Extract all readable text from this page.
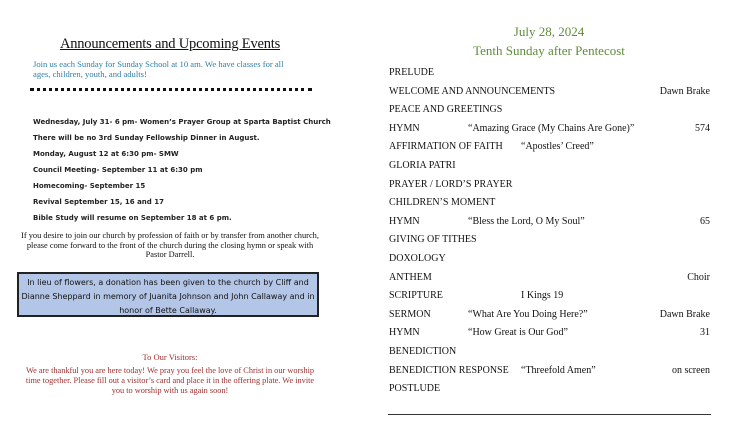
Announcements and Upcoming Events
Join us each Sunday for Sunday School at 10 am. We have classes for all ages, children, youth, and adults!
Wednesday, July 31- 6 pm- Women’s Prayer Group at Sparta Baptist Church
There will be no 3rd Sunday Fellowship Dinner in August.
Monday, August 12 at 6:30 pm- SMW
Council Meeting- September 11 at 6:30 pm
Homecoming- September 15
Revival September 15, 16 and 17
Bible Study will resume on September 18 at 6 pm.
If you desire to join our church by profession of faith or by transfer from another church, please come forward to the front of the church during the closing hymn or speak with Pastor Darrell.
In lieu of flowers, a donation has been given to the church by Cliff and Dianne Sheppard in memory of Juanita Johnson and John Callaway and in honor of Bette Callaway.
To Our Visitors:
We are thankful you are here today! We pray you feel the love of Christ in our worship time together. Please fill out a visitor’s card and place it in the offering plate. We invite you to worship with us again soon!
July 28, 2024
Tenth Sunday after Pentecost
PRELUDE
WELCOME AND ANNOUNCEMENTS	Dawn Brake
PEACE AND GREETINGS
HYMN	“Amazing Grace (My Chains Are Gone)”	574
AFFIRMATION OF FAITH “Apostles’ Creed”
GLORIA PATRI
PRAYER / LORD’S PRAYER
CHILDREN’S MOMENT
HYMN	“Bless the Lord, O My Soul”	65
GIVING OF TITHES
DOXOLOGY
ANTHEM	Choir
SCRIPTURE	I Kings 19
SERMON	“What Are You Doing Here?”	Dawn Brake
HYMN	“How Great is Our God”	31
BENEDICTION
BENEDICTION RESPONSE “Threefold Amen”	on screen
POSTLUDE
